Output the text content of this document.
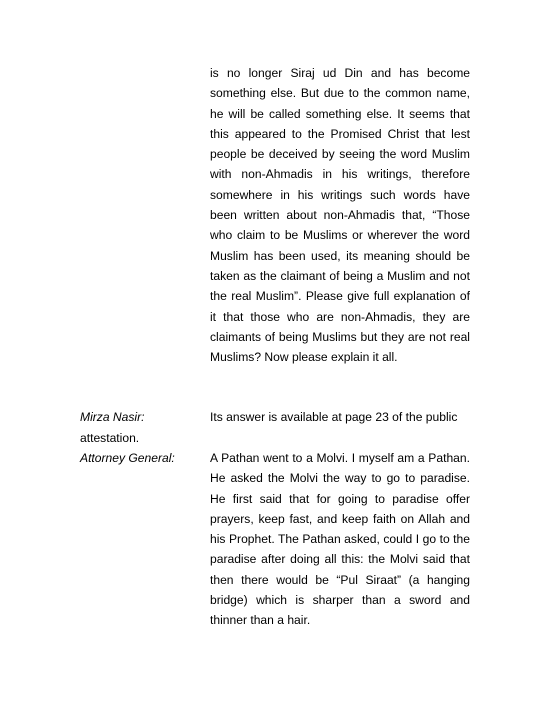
is no longer Siraj ud Din and has become something else. But due to the common name, he will be called something else. It seems that this appeared to the Promised Christ that lest people be deceived by seeing the word Muslim with non-Ahmadis in his writings, therefore somewhere in his writings such words have been written about non-Ahmadis that, “Those who claim to be Muslims or wherever the word Muslim has been used, its meaning should be taken as the claimant of being a Muslim and not the real Muslim”. Please give full explanation of it that those who are non-Ahmadis, they are claimants of being Muslims but they are not real Muslims? Now please explain it all.
Mirza Nasir:	Its answer is available at page 23 of the public
attestation.
Attorney General:	A Pathan went to a Molvi. I myself am a Pathan. He asked the Molvi the way to go to paradise. He first said that for going to paradise offer prayers, keep fast, and keep faith on Allah and his Prophet. The Pathan asked, could I go to the paradise after doing all this: the Molvi said that then there would be “Pul Siraat” (a hanging bridge) which is sharper than a sword and thinner than a hair.
